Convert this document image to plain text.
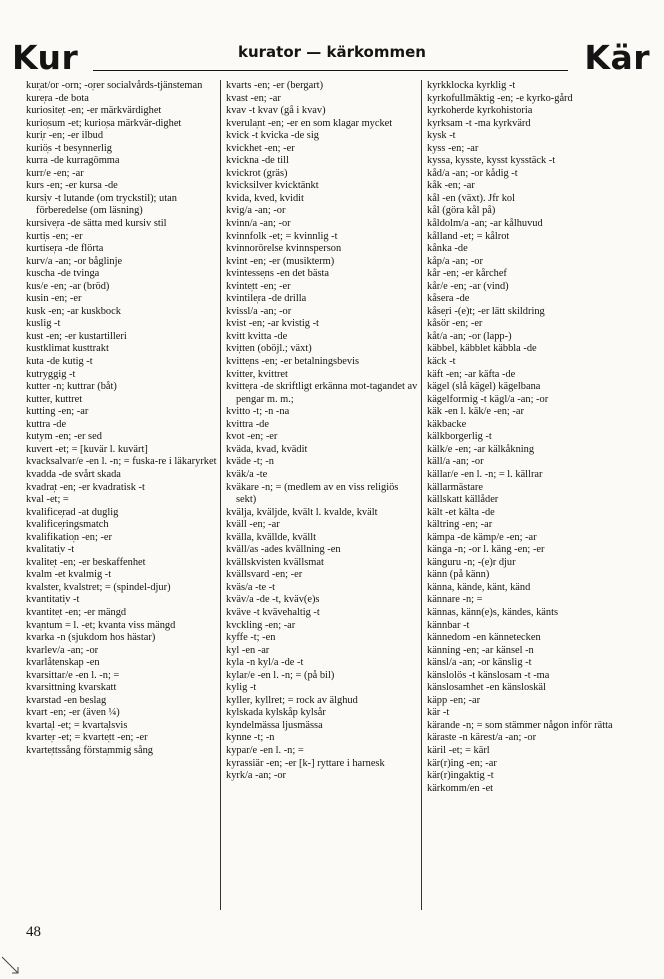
Kur	kurator — kärkommen	Kär
kur̩at/or -orn; -o̩rer socialvårds-tjänsteman
kure̩ra -de bota
kuriosite̩t -en; -er märkvärdighet
kurio̩sum -et; kurio̩sa märkvär-dighet
kuri̩r -en; -er ilbud
kuriö̩s -t besynnerlig
kurra -de kurragömma
kurr/e -en; -ar
kurs -en; -er kursa -de
kursi̩v -t lutande (om tryckstil); utan förberedelse (om läsning)
kursive̩ra -de sätta med kursiv stil
kurti̩s -en; -er
kurtise̩ra -de flörta
kurv/a -an; -or båglinje
kuscha -de tvinga
kus/e -en; -ar (bröd)
kusin -en; -er
kusk -en; -ar kuskbock
kuslig -t
kust -en; -er kustartilleri
kustklimat kusttrakt
kuta -de kutig -t
kutryggig -t
kutter -n; kuttrar (båt)
kutter, kuttret
kutting -en; -ar
kuttra -de
kutym -en; -er sed
kuvert -et; = [kuvär l. kuvärt]
kvacksalvar/e -en l. -n; = fuska-re i läkaryrket
kvadda -de svårt skada
kvadra̩t -en; -er kvadratisk -t
kval -et; =
kvalifice̩rad -at duglig
kvalifice̩ringsmatch
kvalifikatio̩n -en; -er
kvalitati̩v -t
kvalite̩t -en; -er beskaffenhet
kvalm -et kvalmig -t
kvalster, kvalstret; = (spindel-djur)
kvantitati̩v -t
kvantite̩t -en; -er mängd
kva̩ntum = l. -et; kvanta viss mängd
kvarka -n (sjukdom hos hästar)
kvarlev/a -an; -or
kvarlåtenskap -en
kvarsittar/e -en l. -n; =
kvarsittning kvarskatt
kvarstad -en beslag
kvart -en; -er (även ¼)
kvarta̩l -et; = kvarta̩lsvis
kvarte̩r -et; = kvarte̩tt -en; -er
kvarte̩ttssång första̩mmig sång
kvarts -en; -er (bergart)
kvast -en; -ar
kvav -t kvav (gå i kvav)
kverula̩nt -en; -er en som klagar mycket
kvick -t kvicka -de sig
kvickhet -en; -er
kvickna -de till
kvickrot (gräs)
kvicksilver kvicktänkt
kvida, kved, kvidit
kvig/a -an; -or
kvinn/a -an; -or
kvinnfolk -et; = kvinnlig -t
kvinnorörelse kvinnsperson
kvint -en; -er (musikterm)
kvintesse̩ns -en det bästa
kvinte̩tt -en; -er
kvintile̩ra -de drilla
kvissl/a -an; -or
kvist -en; -ar kvistig -t
kvitt kvitta -de
kvi̩tten (oböjl.; växt)
kvitte̩ns -en; -er betalningsbevis
kvitter, kvittret
kvitte̩ra -de skriftligt erkänna mot-tagandet av pengar m. m.;
kvitto -t; -n -na
kvittra -de
kvot -en; -er
kväda, kvad, kvädit
kväde -t; -n
kväk/a -te
kväkare -n; = (medlem av en viss religiös sekt)
kvälja, kväljde, kvält l. kvalde, kvält
kväll -en; -ar
kvälla, kvällde, kvällt
kväll/as -ades kvällning -en
kvällskvisten kvällsmat
kvällsvard -en; -er
kväs/a -te -t
kväv/a -de -t, kväv(e)s
kväve -t kvävehaltig -t
kvckling -en; -ar
kyffe -t; -en
kyl -en -ar
kyla -n kyl/a -de -t
kylar/e -en l. -n; = (på bil)
kylig -t
kyller, kyllret; = rock av älghud
kylskada kylskåp kylsår
kyndelmässa ljusmässa
kynne -t; -n
kypar/e -en l. -n; =
kyrassiär -en; -er [k-] ryttare i harnesk
kyrk/a -an; -or
kyrkklocka kyrklig -t
kyrkofullmäktig -en; -e kyrko-gård
kyrkoherde kyrkohistoria
kyrksam -t -ma kyrkvärd
kysk -t
kyss -en; -ar
kyssa, kysste, kysst kysstäck -t
kåd/a -an; -or kådig -t
kåk -en; -ar
kål -en (växt). Jfr kol
kål (göra kål på)
kåldolm/a -an; -ar kålhuvud
kålland -et; = kålrot
kånka -de
kåp/a -an; -or
kår -en; -er kårchef
kår/e -en; -ar (vind)
kåsera -de
kåse̩ri -(e)t; -er lätt skildring
kåsör -en; -er
kåt/a -an; -or (lapp-)
käbbel, käbblet käbbla -de
käck -t
käft -en; -ar käfta -de
kägel (slå kägel) kägelbana
kägelformig -t kägl/a -an; -or
käk -en l. käk/e -en; -ar
käkbacke
kälkborgerlig -t
kälk/e -en; -ar kälkåkning
käll/a -an; -or
källar/e -en l. -n; = l. källrar
källarmästare
källskatt källåder
kält -et kälta -de
kältring -en; -ar
kämpa -de kämp/e -en; -ar
känga -n; -or l. käng -en; -er
känguru -n; -(e)r djur
känn (på känn)
känna, kände, känt, känd
kännare -n; =
kännas, känn(e)s, kändes, känts
kännbar -t
kännedom -en kännetecken
känning -en; -ar känsel -n
känsl/a -an; -or känslig -t
känslolös -t känslosam -t -ma
känslosamhet -en känsloskäl
käpp -en; -ar
kär -t
kärande -n; = som stämmer någon inför rätta
käraste -n kärest/a -an; -or
käril -et; = kärl
kär(r)ing -en; -ar
kär(r)ingaktig -t
kärkomm/en -et
48
